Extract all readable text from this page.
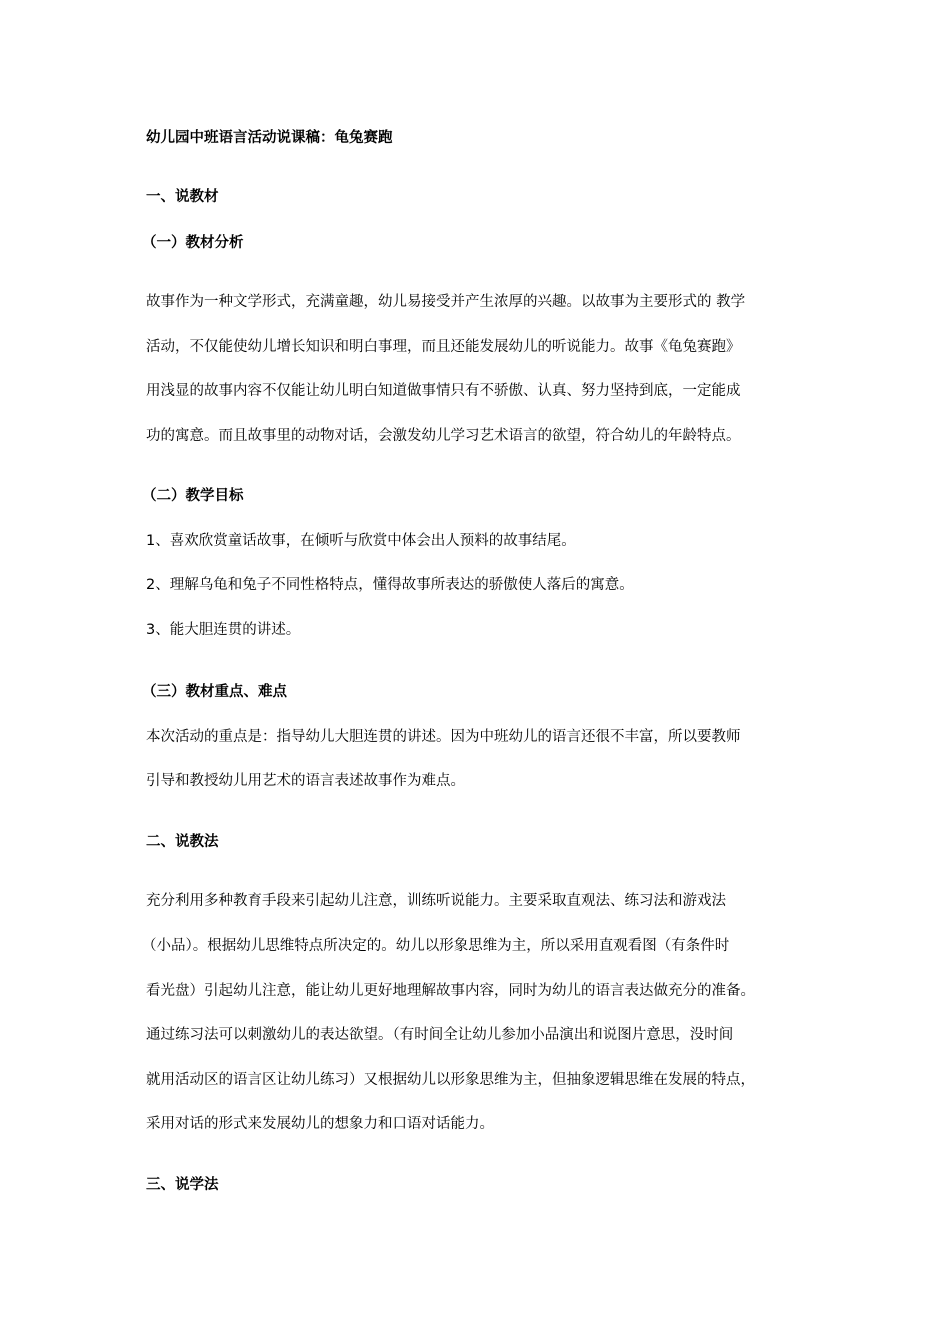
幼儿园中班语言活动说课稿：龟兔赛跑

一、说教材

（一）教材分析

故事作为一种文学形式，充满童趣，幼儿易接受并产生浓厚的兴趣。以故事为主要形式的 教学

活动，不仅能使幼儿增长知识和明白事理，而且还能发展幼儿的听说能力。故事《龟兔赛跑》

用浅显的故事内容不仅能让幼儿明白知道做事情只有不骄傲、认真、努力坚持到底，一定能成

功的寓意。而且故事里的动物对话，会激发幼儿学习艺术语言的欲望，符合幼儿的年龄特点。

（二）教学目标

1、喜欢欣赏童话故事，在倾听与欣赏中体会出人预料的故事结尾。

2、理解乌龟和兔子不同性格特点，懂得故事所表达的骄傲使人落后的寓意。

3、能大胆连贯的讲述。

（三）教材重点、难点

本次活动的重点是：指导幼儿大胆连贯的讲述。因为中班幼儿的语言还很不丰富，所以要教师

引导和教授幼儿用艺术的语言表述故事作为难点。

二、说教法

充分利用多种教育手段来引起幼儿注意，训练听说能力。主要采取直观法、练习法和游戏法

（小品）。根据幼儿思维特点所决定的。幼儿以形象思维为主，所以采用直观看图（有条件时

看光盘）引起幼儿注意，能让幼儿更好地理解故事内容，同时为幼儿的语言表达做充分的准备。

通过练习法可以刺激幼儿的表达欲望。（有时间全让幼儿参加小品演出和说图片意思，没时间

就用活动区的语言区让幼儿练习）又根据幼儿以形象思维为主，但抽象逻辑思维在发展的特点，

采用对话的形式来发展幼儿的想象力和口语对话能力。

三、说学法
